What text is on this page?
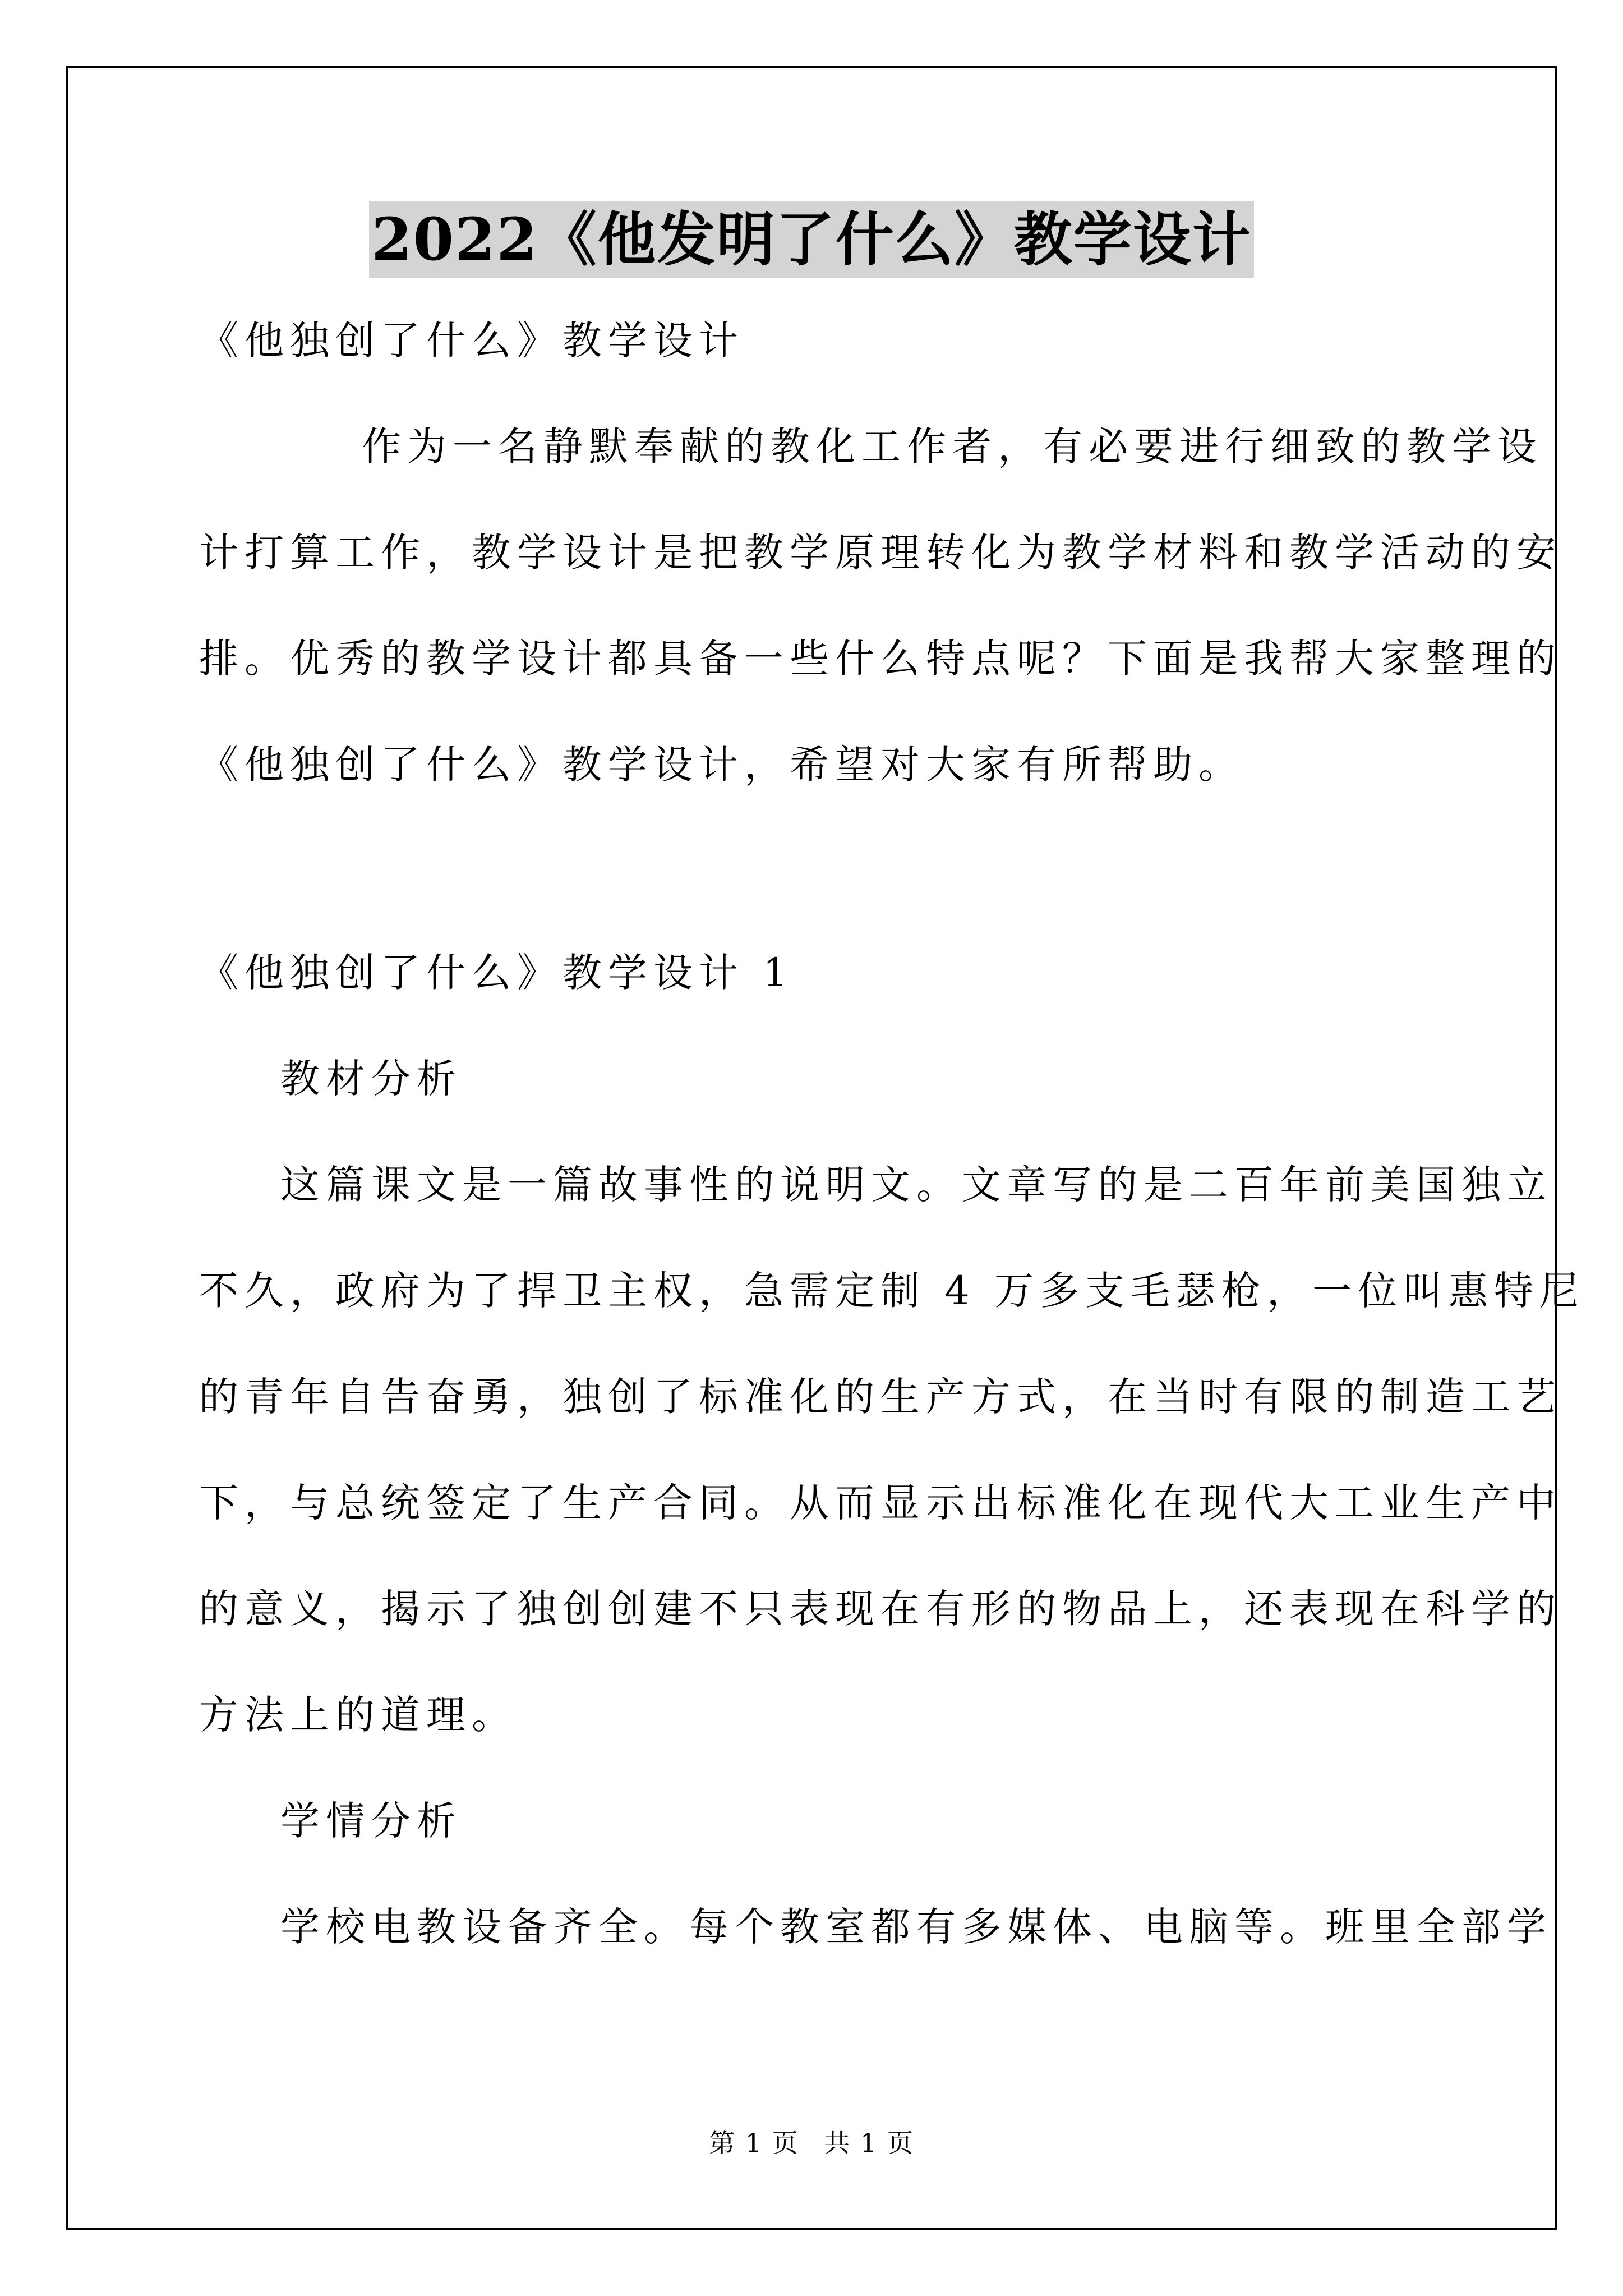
2022《他发明了什么》教学设计
《他独创了什么》教学设计
作为一名静默奉献的教化工作者，有必要进行细致的教学设
计打算工作，教学设计是把教学原理转化为教学材料和教学活动的安
排。优秀的教学设计都具备一些什么特点呢？下面是我帮大家整理的
《他独创了什么》教学设计，希望对大家有所帮助。
《他独创了什么》教学设计 1
教材分析
这篇课文是一篇故事性的说明文。文章写的是二百年前美国独立
不久，政府为了捍卫主权，急需定制 4 万多支毛瑟枪，一位叫惠特尼
的青年自告奋勇，独创了标准化的生产方式，在当时有限的制造工艺
下，与总统签定了生产合同。从而显示出标准化在现代大工业生产中
的意义，揭示了独创创建不只表现在有形的物品上，还表现在科学的
方法上的道理。
学情分析
学校电教设备齐全。每个教室都有多媒体、电脑等。班里全部学
第 1 页 共 1 页
